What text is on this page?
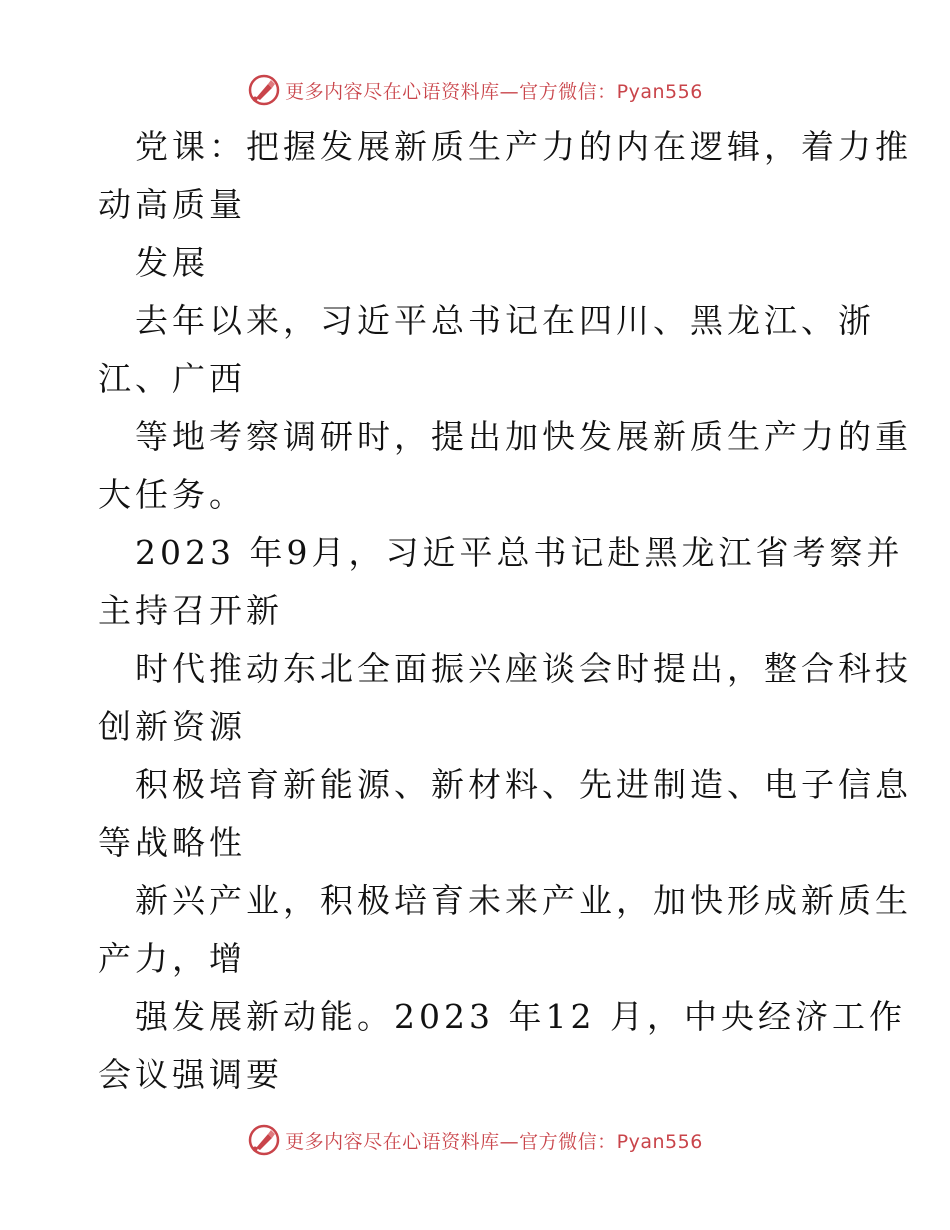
更多内容尽在心语资料库—官方微信：Pyan556
党课：把握发展新质生产力的内在逻辑，着力推
动高质量
发展
去年以来，习近平总书记在四川、黑龙江、浙
江、广西
等地考察调研时，提出加快发展新质生产力的重
大任务。
2023 年9月，习近平总书记赴黑龙江省考察并
主持召开新
时代推动东北全面振兴座谈会时提出，整合科技
创新资源
积极培育新能源、新材料、先进制造、电子信息
等战略性
新兴产业，积极培育未来产业，加快形成新质生
产力，增
强发展新动能。2023 年12 月，中央经济工作
会议强调要
更多内容尽在心语资料库—官方微信：Pyan556
